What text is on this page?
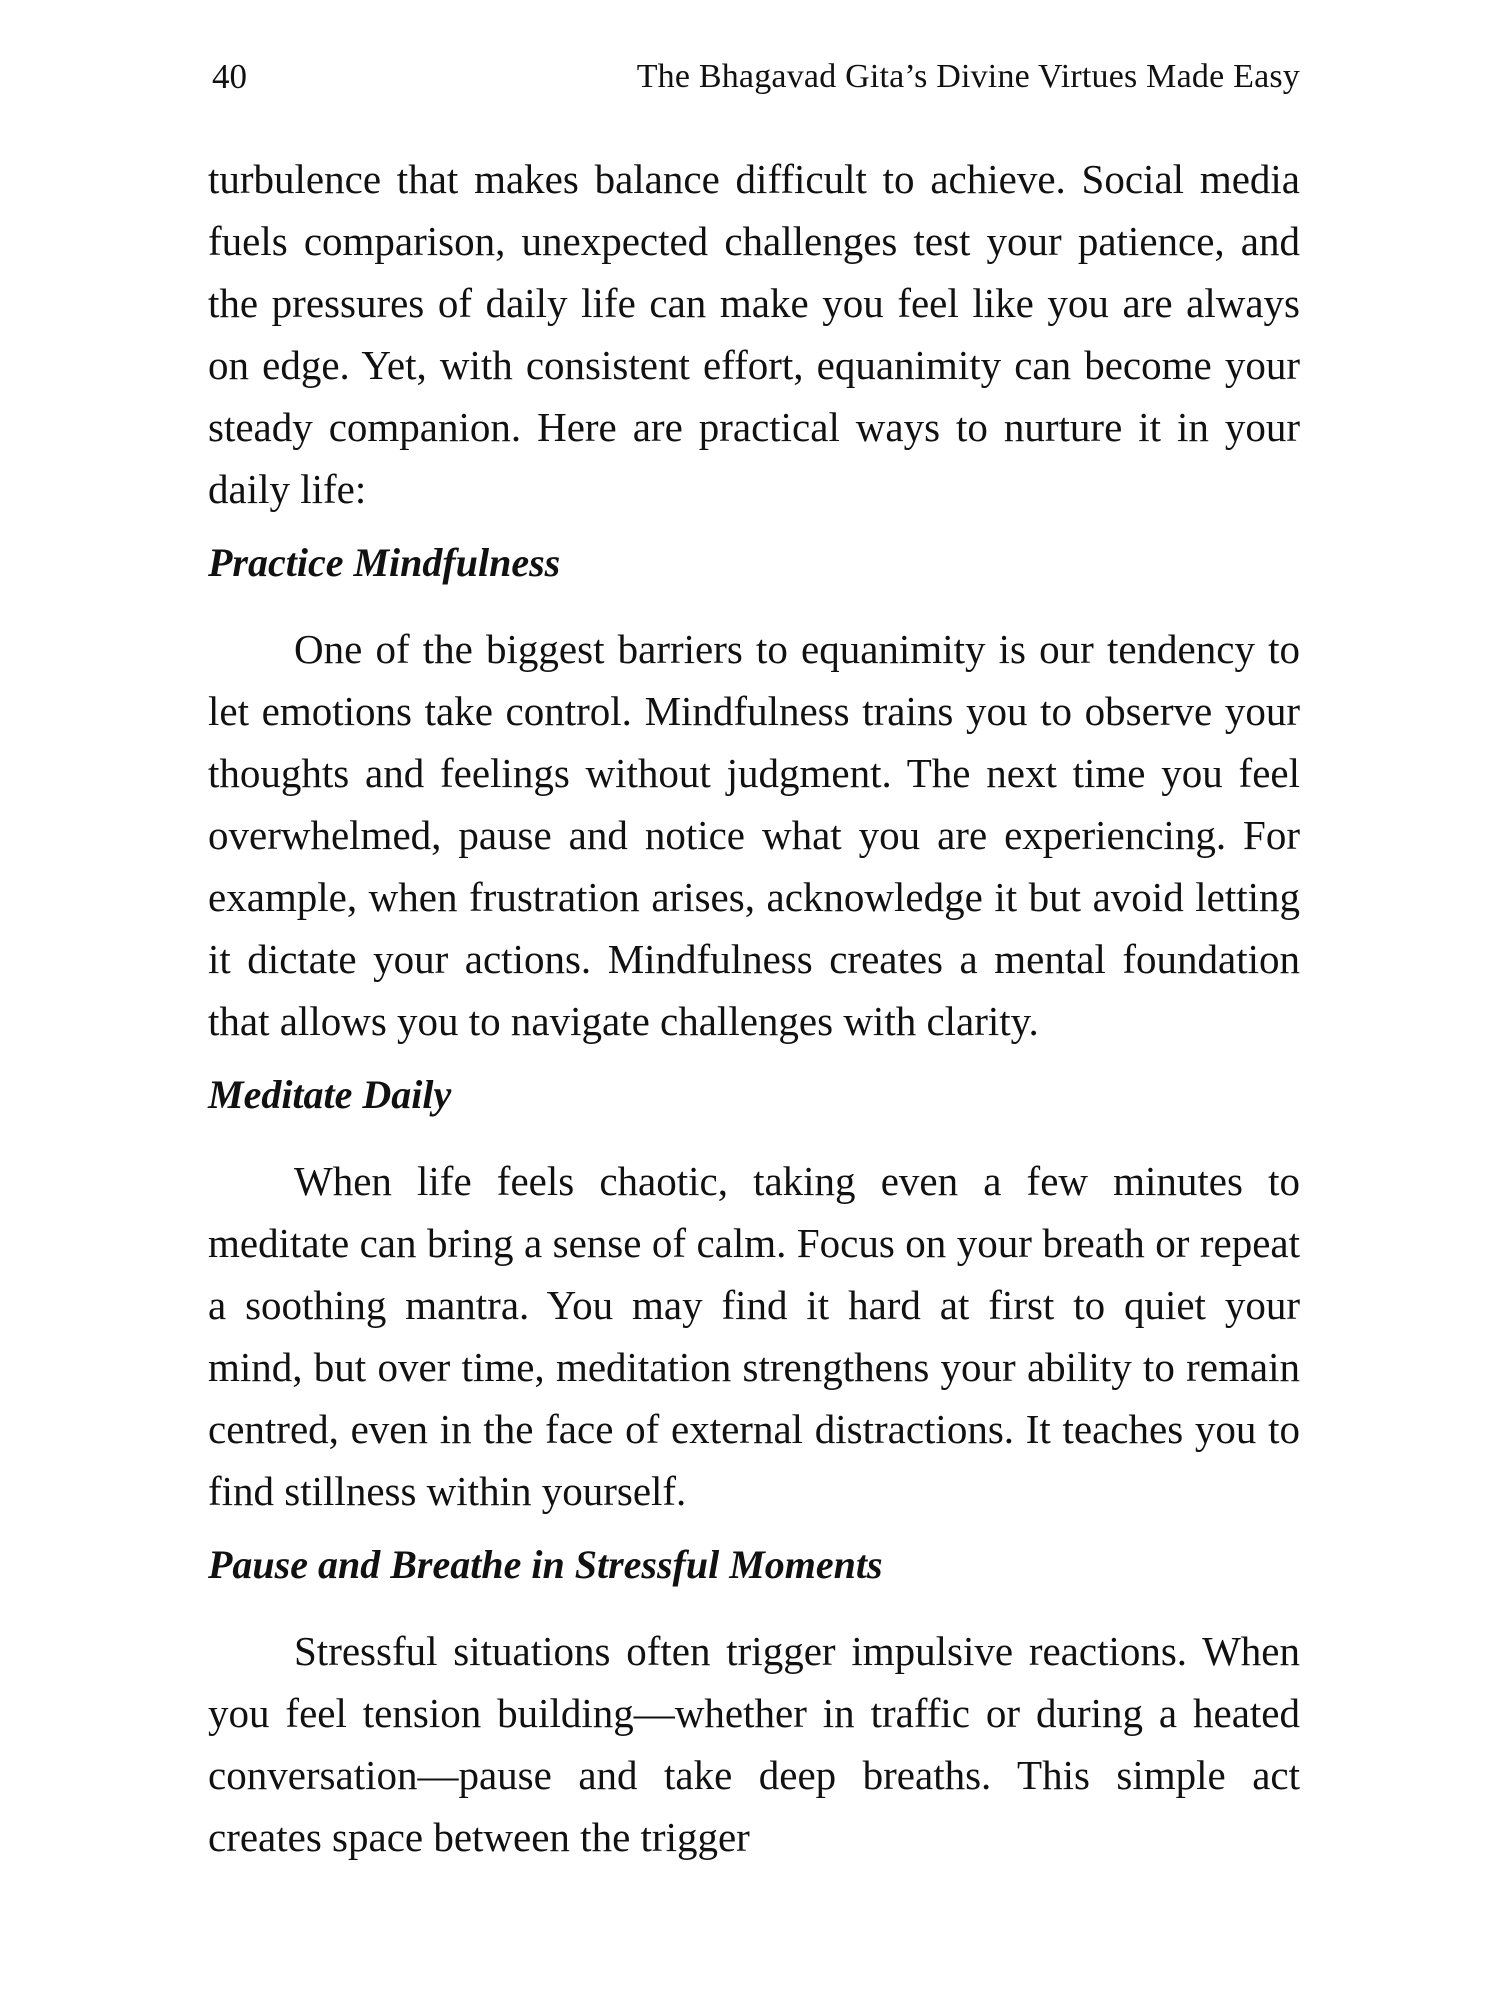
40	The Bhagavad Gita’s Divine Virtues Made Easy

turbulence that makes balance difficult to achieve. Social media fuels comparison, unexpected challenges test your patience, and the pressures of daily life can make you feel like you are always on edge. Yet, with consistent effort, equanimity can become your steady companion. Here are practical ways to nurture it in your daily life:

Practice Mindfulness

One of the biggest barriers to equanimity is our tendency to let emotions take control. Mindfulness trains you to observe your thoughts and feelings without judgment. The next time you feel overwhelmed, pause and notice what you are experiencing. For example, when frustration arises, acknowledge it but avoid letting it dictate your actions. Mindfulness creates a mental foundation that allows you to navigate challenges with clarity.

Meditate Daily

When life feels chaotic, taking even a few minutes to meditate can bring a sense of calm. Focus on your breath or repeat a soothing mantra. You may find it hard at first to quiet your mind, but over time, meditation strengthens your ability to remain centred, even in the face of external distractions. It teaches you to find stillness within yourself.

Pause and Breathe in Stressful Moments

Stressful situations often trigger impulsive reactions. When you feel tension building—whether in traffic or during a heated conversation—pause and take deep breaths. This simple act creates space between the trigger
